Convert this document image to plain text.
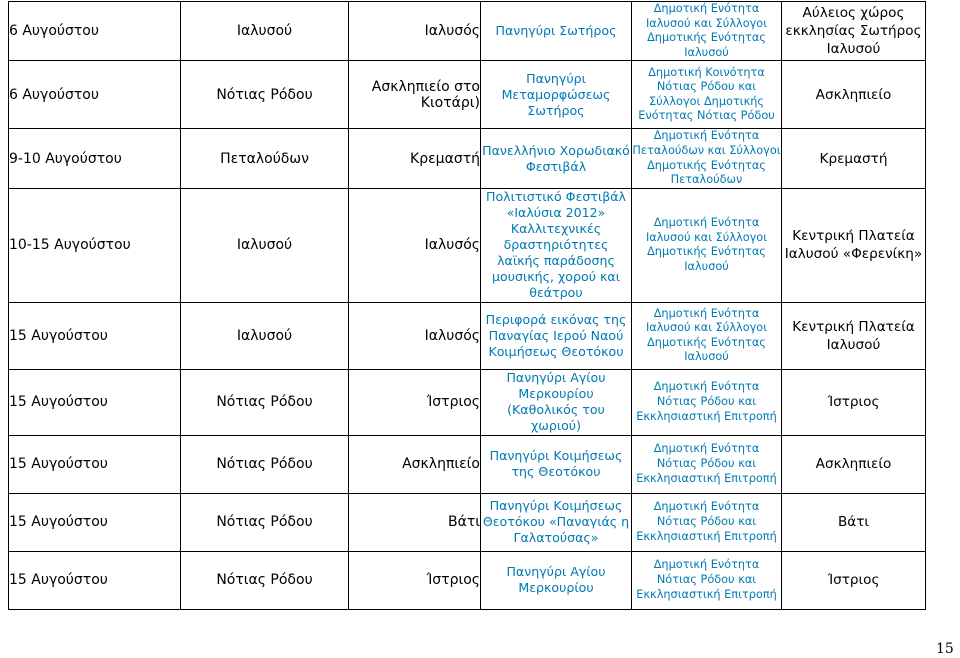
6 Αυγούστου	Ιαλυσού	Ιαλυσός	Πανηγύρι Σωτήρος	Δημοτική Ενότητα Ιαλυσού και Σύλλογοι Δημοτικής Ενότητας Ιαλυσού	Αύλειος χώρος εκκλησίας Σωτήρος Ιαλυσού
6 Αυγούστου	Νότιας Ρόδου	Ασκληπιείο στο Κιοτάρι)	Πανηγύρι Μεταμορφώσεως Σωτήρος	Δημοτική Κοινότητα Νότιας Ρόδου και Σύλλογοι Δημοτικής Ενότητας Νότιας Ρόδου	Ασκληπιείο
9-10 Αυγούστου	Πεταλούδων	Κρεμαστή	Πανελλήνιο Χορωδιακό Φεστιβάλ	Δημοτική Ενότητα Πεταλούδων και Σύλλογοι Δημοτικής Ενότητας Πεταλούδων	Κρεμαστή
10-15 Αυγούστου	Ιαλυσού	Ιαλυσός	Πολιτιστικό Φεστιβάλ «Ιαλύσια 2012» Καλλιτεχνικές δραστηριότητες λαϊκής παράδοσης μουσικής, χορού και θεάτρου	Δημοτική Ενότητα Ιαλυσού και Σύλλογοι Δημοτικής Ενότητας Ιαλυσού	Κεντρική Πλατεία Ιαλυσού «Φερενίκη»
15 Αυγούστου	Ιαλυσού	Ιαλυσός	Περιφορά εικόνας της Παναγίας Ιερού Ναού Κοιμήσεως Θεοτόκου	Δημοτική Ενότητα Ιαλυσού και Σύλλογοι Δημοτικής Ενότητας Ιαλυσού	Κεντρική Πλατεία Ιαλυσού
15 Αυγούστου	Νότιας Ρόδου	Ίστριος	Πανηγύρι Αγίου Μερκουρίου (Καθολικός του χωριού)	Δημοτική Ενότητα Νότιας Ρόδου και Εκκλησιαστική Επιτροπή	Ίστριος
15 Αυγούστου	Νότιας Ρόδου	Ασκληπιείο	Πανηγύρι Κοιμήσεως της Θεοτόκου	Δημοτική Ενότητα Νότιας Ρόδου και Εκκλησιαστική Επιτροπή	Ασκληπιείο
15 Αυγούστου	Νότιας Ρόδου	Βάτι	Πανηγύρι Κοιμήσεως Θεοτόκου «Παναγιάς η Γαλατούσας»	Δημοτική Ενότητα Νότιας Ρόδου και Εκκλησιαστική Επιτροπή	Βάτι
15 Αυγούστου	Νότιας Ρόδου	Ίστριος	Πανηγύρι Αγίου Μερκουρίου	Δημοτική Ενότητα Νότιας Ρόδου και Εκκλησιαστική Επιτροπή	Ίστριος
15
